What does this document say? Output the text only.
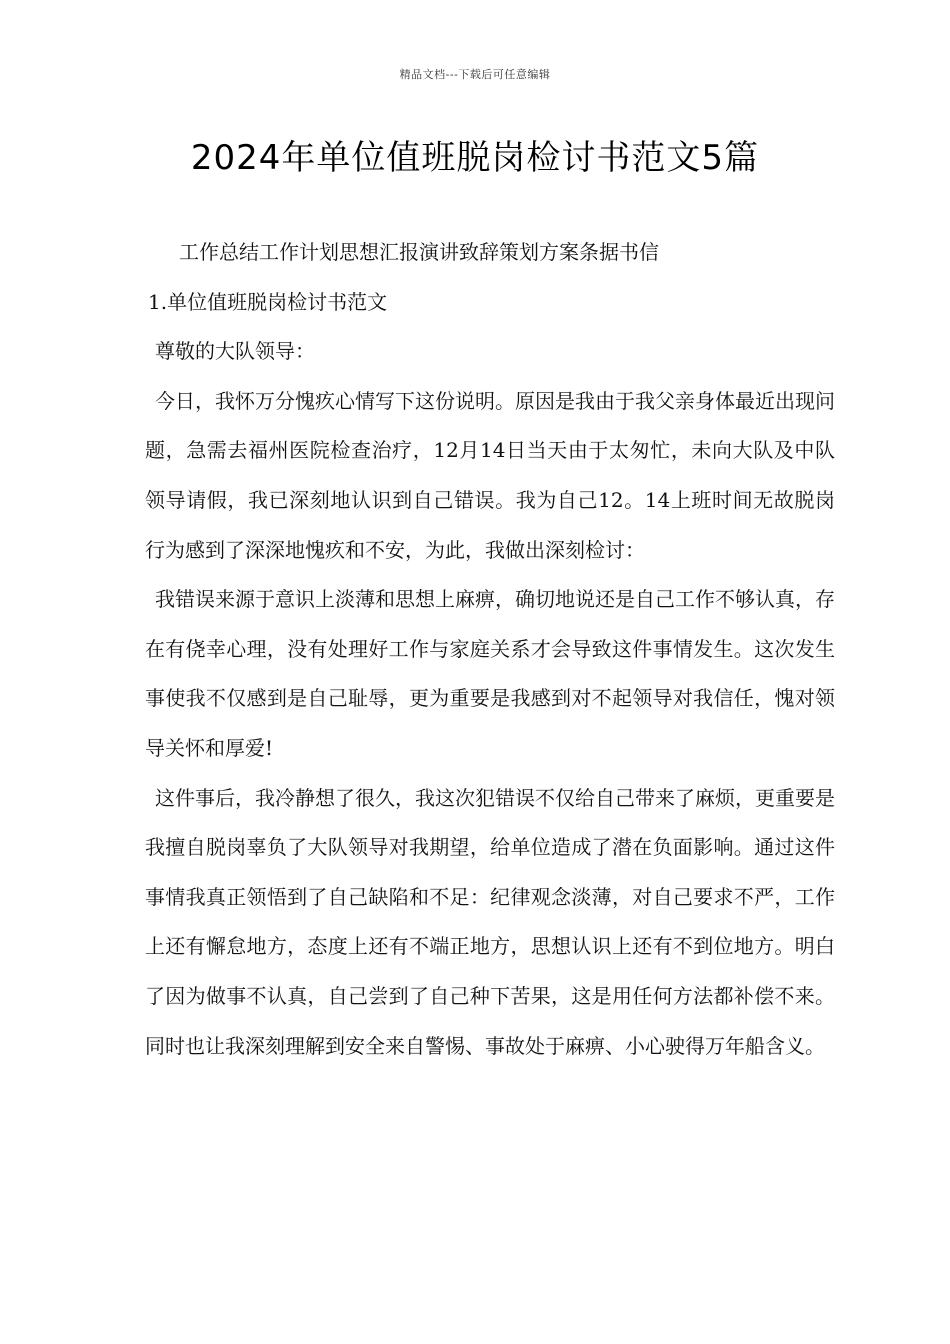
精品文档---下载后可任意编辑
2024年单位值班脱岗检讨书范文5篇

工作总结工作计划思想汇报演讲致辞策划方案条据书信

1.单位值班脱岗检讨书范文

尊敬的大队领导：

今日，我怀万分愧疚心情写下这份说明。原因是我由于我父亲身体最近出现问题，急需去福州医院检查治疗，12月14日当天由于太匆忙，未向大队及中队领导请假，我已深刻地认识到自己错误。我为自己12。14上班时间无故脱岗行为感到了深深地愧疚和不安，为此，我做出深刻检讨：

我错误来源于意识上淡薄和思想上麻痹，确切地说还是自己工作不够认真，存在有侥幸心理，没有处理好工作与家庭关系才会导致这件事情发生。这次发生事使我不仅感到是自己耻辱，更为重要是我感到对不起领导对我信任，愧对领导关怀和厚爱!

这件事后，我冷静想了很久，我这次犯错误不仅给自己带来了麻烦，更重要是我擅自脱岗辜负了大队领导对我期望，给单位造成了潜在负面影响。通过这件事情我真正领悟到了自己缺陷和不足：纪律观念淡薄，对自己要求不严，工作上还有懈怠地方，态度上还有不端正地方，思想认识上还有不到位地方。明白了因为做事不认真，自己尝到了自己种下苦果，这是用任何方法都补偿不来。同时也让我深刻理解到安全来自警惕、事故处于麻痹、小心驶得万年船含义。
